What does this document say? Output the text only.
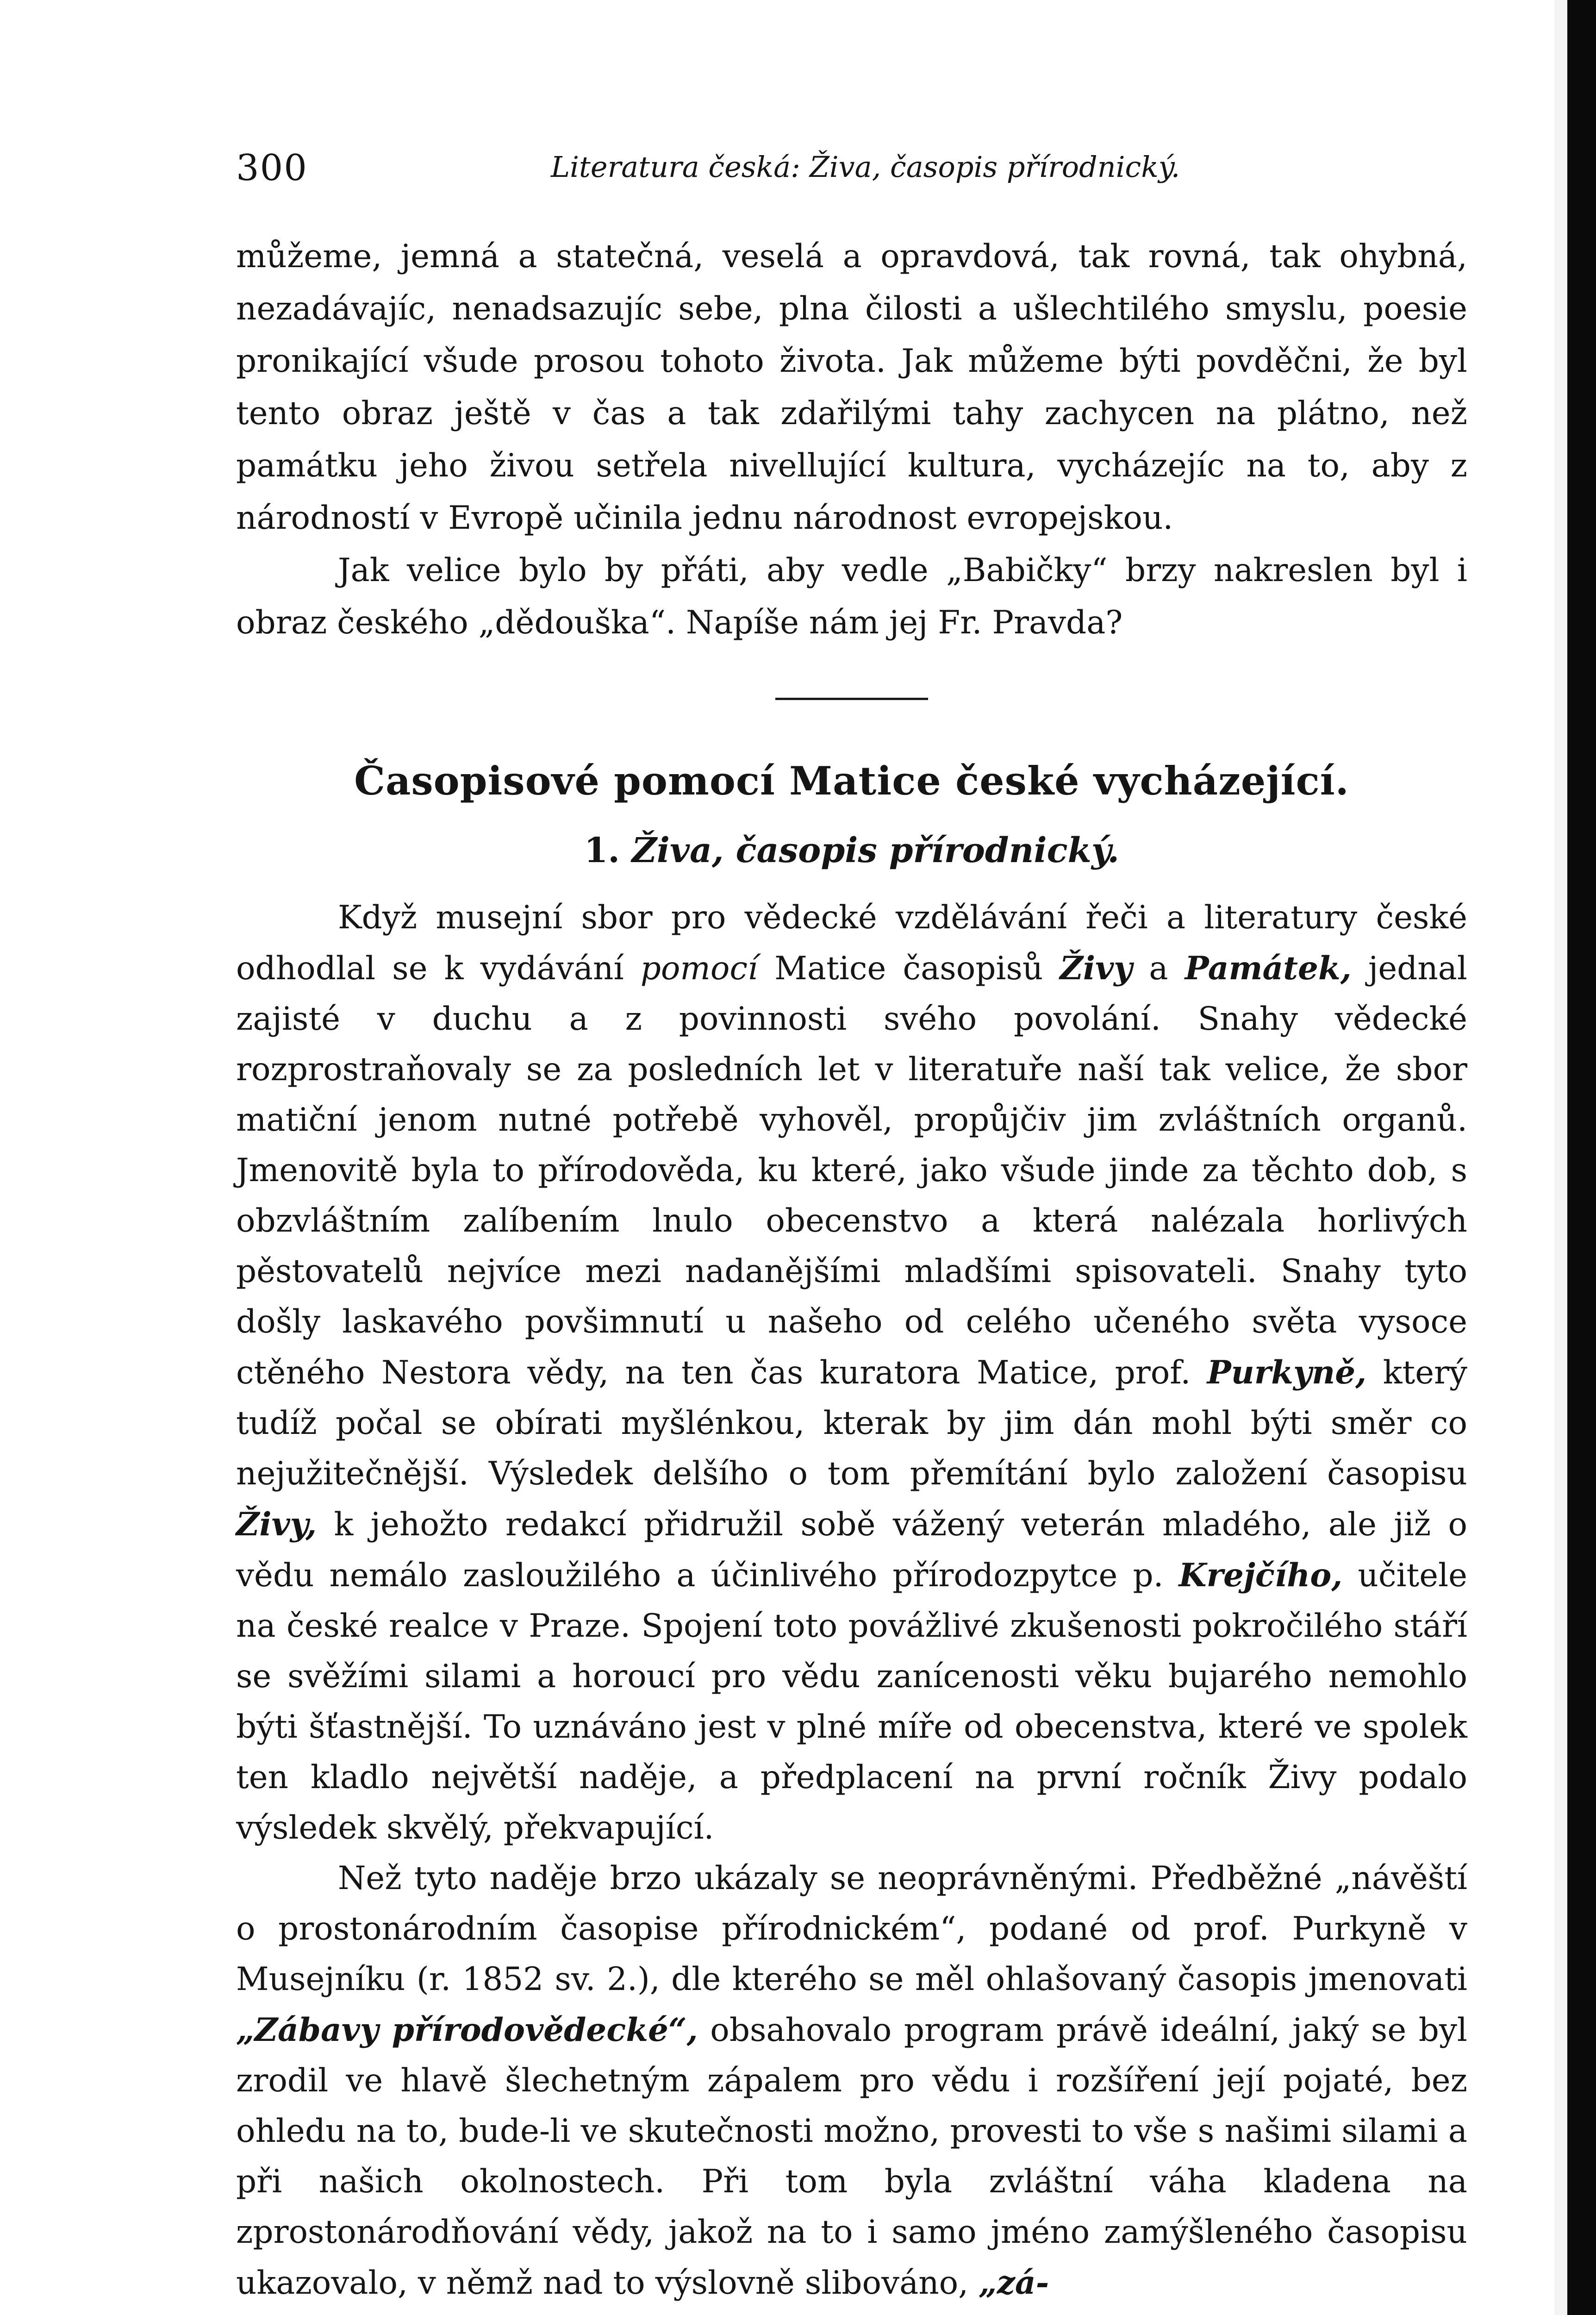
300	Literatura česká: Živa, časopis přírodnický.

můžeme, jemná a statečná, veselá a opravdová, tak rovná, tak ohybná, nezadávajíc, nenadsazujíc sebe, plna čilosti a ušlechtilého smyslu, poesie pronikající všude prosou tohoto života. Jak můžeme býti povděčni, že byl tento obraz ještě v čas a tak zdařilými tahy zachycen na plátno, než památku jeho živou setřela nivellující kultura, vycházejíc na to, aby z národností v Evropě učinila jednu národnost evropejskou.

Jak velice bylo by přáti, aby vedle „Babičky“ brzy nakreslen byl i obraz českého „dědouška“. Napíše nám jej Fr. Pravda?

Časopisové pomocí Matice české vycházející.
1. Živa, časopis přírodnický.

Když musejní sbor pro vědecké vzdělávání řeči a literatury české odhodlal se k vydávání pomocí Matice časopisů Živy a Památek, jednal zajisté v duchu a z povinnosti svého povolání. Snahy vědecké rozprostraňovaly se za posledních let v literatuře naší tak velice, že sbor matiční jenom nutné potřebě vyhověl, propůjčiv jim zvláštních organů. Jmenovitě byla to přírodověda, ku které, jako všude jinde za těchto dob, s obzvláštním zalíbením lnulo obecenstvo a která nalézala horlivých pěstovatelů nejvíce mezi nadanějšími mladšími spisovateli. Snahy tyto došly laskavého povšimnutí u našeho od celého učeného světa vysoce ctěného Nestora vědy, na ten čas kuratora Matice, prof. Purkyně, který tudíž počal se obírati myšlénkou, kterak by jim dán mohl býti směr co nejužitečnější. Výsledek delšího o tom přemítání bylo založení časopisu Živy, k jehožto redakcí přidružil sobě vážený veterán mladého, ale již o vědu nemálo zasloužilého a účinlivého přírodozpytce p. Krejčího, učitele na české realce v Praze. Spojení toto povážlivé zkušenosti pokročilého stáří se svěžími silami a horoucí pro vědu zanícenosti věku bujarého nemohlo býti šťastnější. To uznáváno jest v plné míře od obecenstva, které ve spolek ten kladlo největší naděje, a předplacení na první ročník Živy podalo výsledek skvělý, překvapující.

Než tyto naděje brzo ukázaly se neoprávněnými. Předběžné „návěští o prostonárodním časopise přírodnickém“, podané od prof. Purkyně v Musejníku (r. 1852 sv. 2.), dle kterého se měl ohlašovaný časopis jmenovati „Zábavy přírodovědecké“, obsahovalo program právě ideální, jaký se byl zrodil ve hlavě šlechetným zápalem pro vědu i rozšíření její pojaté, bez ohledu na to, bude-li ve skutečnosti možno, provesti to vše s našimi silami a při našich okolnostech. Při tom byla zvláštní váha kladena na zprostonárodňování vědy, jakož na to i samo jméno zamýšleného časopisu ukazovalo, v němž nad to výslovně slibováno, „zá-
